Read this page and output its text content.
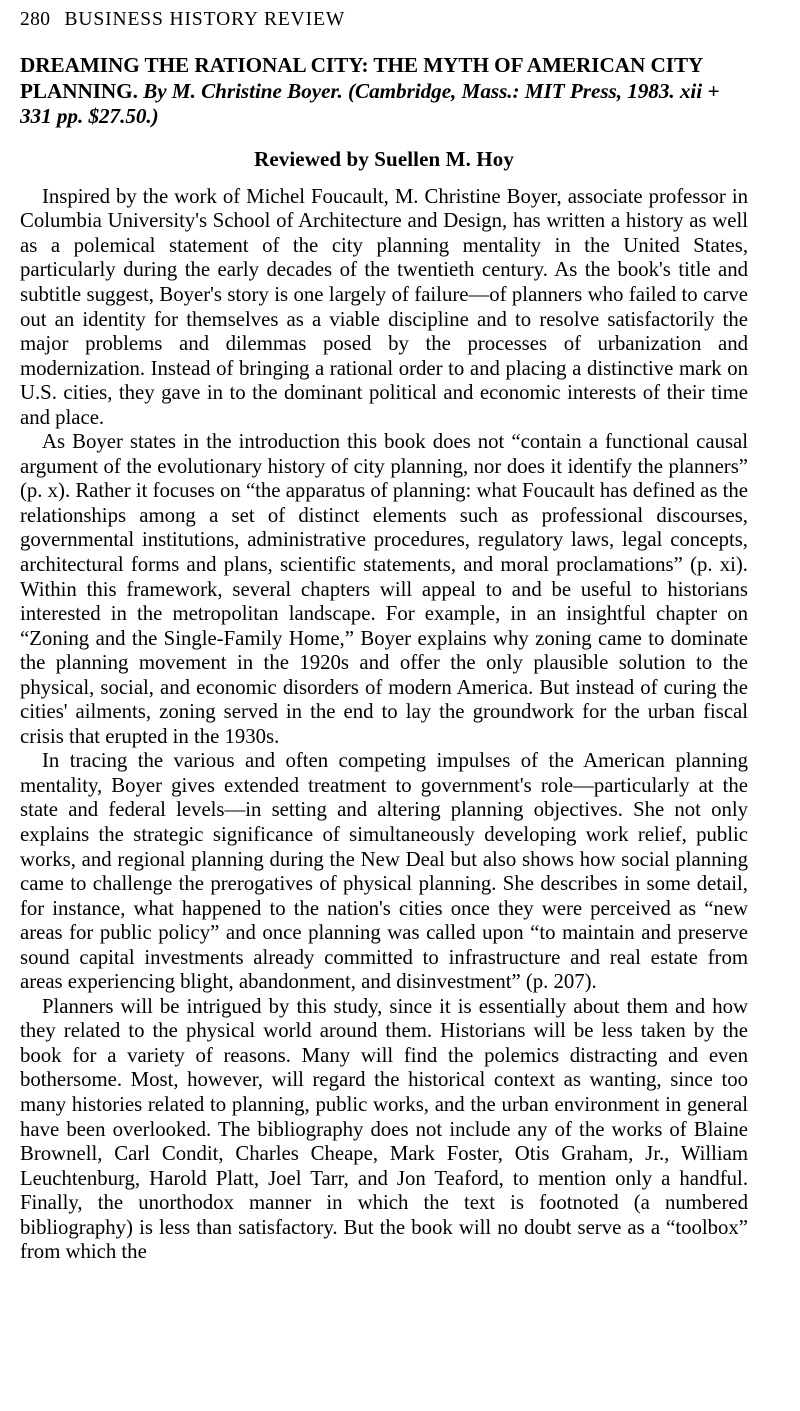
280 BUSINESS HISTORY REVIEW
DREAMING THE RATIONAL CITY: THE MYTH OF AMERICAN CITY PLANNING. By M. Christine Boyer. (Cambridge, Mass.: MIT Press, 1983. xii + 331 pp. $27.50.)
Reviewed by Suellen M. Hoy

Inspired by the work of Michel Foucault, M. Christine Boyer, associate professor in Columbia University's School of Architecture and Design, has written a history as well as a polemical statement of the city planning mentality in the United States, particularly during the early decades of the twentieth century. As the book's title and subtitle suggest, Boyer's story is one largely of failure—of planners who failed to carve out an identity for themselves as a viable discipline and to resolve satisfactorily the major problems and dilemmas posed by the processes of urbanization and modernization. Instead of bringing a rational order to and placing a distinctive mark on U.S. cities, they gave in to the dominant political and economic interests of their time and place.

As Boyer states in the introduction this book does not “contain a functional causal argument of the evolutionary history of city planning, nor does it identify the planners” (p. x). Rather it focuses on “the apparatus of planning: what Foucault has defined as the relationships among a set of distinct elements such as professional discourses, governmental institutions, administrative procedures, regulatory laws, legal concepts, architectural forms and plans, scientific statements, and moral proclamations” (p. xi). Within this framework, several chapters will appeal to and be useful to historians interested in the metropolitan landscape. For example, in an insightful chapter on “Zoning and the Single-Family Home,” Boyer explains why zoning came to dominate the planning movement in the 1920s and offer the only plausible solution to the physical, social, and economic disorders of modern America. But instead of curing the cities' ailments, zoning served in the end to lay the groundwork for the urban fiscal crisis that erupted in the 1930s.

In tracing the various and often competing impulses of the American planning mentality, Boyer gives extended treatment to government's role—particularly at the state and federal levels—in setting and altering planning objectives. She not only explains the strategic significance of simultaneously developing work relief, public works, and regional planning during the New Deal but also shows how social planning came to challenge the prerogatives of physical planning. She describes in some detail, for instance, what happened to the nation's cities once they were perceived as “new areas for public policy” and once planning was called upon “to maintain and preserve sound capital investments already committed to infrastructure and real estate from areas experiencing blight, abandonment, and disinvestment” (p. 207).

Planners will be intrigued by this study, since it is essentially about them and how they related to the physical world around them. Historians will be less taken by the book for a variety of reasons. Many will find the polemics distracting and even bothersome. Most, however, will regard the historical context as wanting, since too many histories related to planning, public works, and the urban environment in general have been overlooked. The bibliography does not include any of the works of Blaine Brownell, Carl Condit, Charles Cheape, Mark Foster, Otis Graham, Jr., William Leuchtenburg, Harold Platt, Joel Tarr, and Jon Teaford, to mention only a handful. Finally, the unorthodox manner in which the text is footnoted (a numbered bibliography) is less than satisfactory. But the book will no doubt serve as a “toolbox” from which the
